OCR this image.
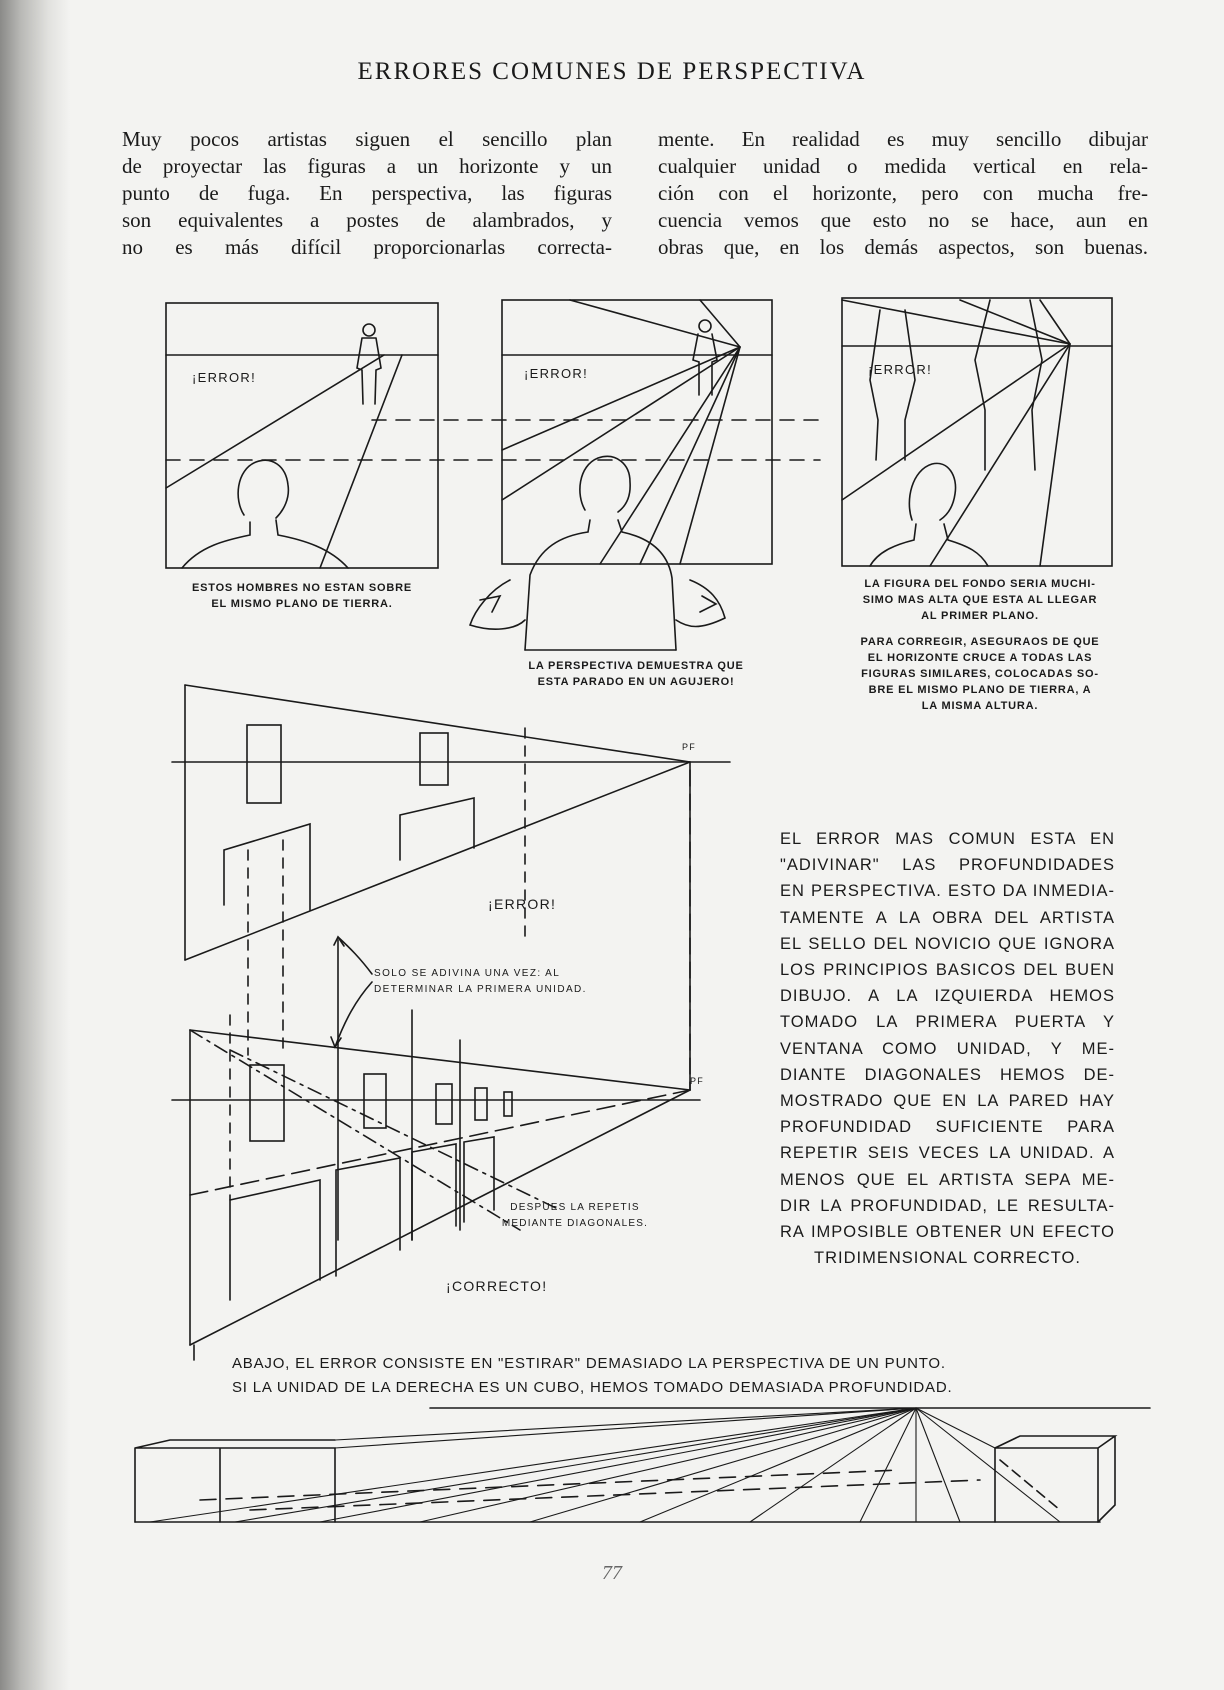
ERRORES COMUNES DE PERSPECTIVA
Muy pocos artistas siguen el sencillo plan
de proyectar las figuras a un horizonte y un
punto de fuga. En perspectiva, las figuras
son equivalentes a postes de alambrados, y
no es más difícil proporcionarlas correcta-
mente. En realidad es muy sencillo dibujar
cualquier unidad o medida vertical en rela-
ción con el horizonte, pero con mucha fre-
cuencia vemos que esto no se hace, aun en
obras que, en los demás aspectos, son buenas.
¡ERROR!	¡ERROR!	¡ERROR!
ESTOS HOMBRES NO ESTAN SOBRE
EL MISMO PLANO DE TIERRA.
LA PERSPECTIVA DEMUESTRA QUE
ESTA PARADO EN UN AGUJERO!
LA FIGURA DEL FONDO SERIA MUCHI-
SIMO MAS ALTA QUE ESTA AL LLEGAR
AL PRIMER PLANO.
PARA CORREGIR, ASEGURAOS DE QUE
EL HORIZONTE CRUCE A TODAS LAS
FIGURAS SIMILARES, COLOCADAS SO-
BRE EL MISMO PLANO DE TIERRA, A
LA MISMA ALTURA.
PF
PF
¡ERROR!
SOLO SE ADIVINA UNA VEZ: AL
DETERMINAR LA PRIMERA UNIDAD.
DESPUES LA REPETIS
MEDIANTE DIAGONALES.
¡CORRECTO!
EL ERROR MAS COMUN ESTA EN
"ADIVINAR" LAS PROFUNDIDADES
EN PERSPECTIVA. ESTO DA INMEDIA-
TAMENTE A LA OBRA DEL ARTISTA
EL SELLO DEL NOVICIO QUE IGNORA
LOS PRINCIPIOS BASICOS DEL BUEN
DIBUJO. A LA IZQUIERDA HEMOS
TOMADO LA PRIMERA PUERTA Y
VENTANA COMO UNIDAD, Y ME-
DIANTE DIAGONALES HEMOS DE-
MOSTRADO QUE EN LA PARED HAY
PROFUNDIDAD SUFICIENTE PARA
REPETIR SEIS VECES LA UNIDAD. A
MENOS QUE EL ARTISTA SEPA ME-
DIR LA PROFUNDIDAD, LE RESULTA-
RA IMPOSIBLE OBTENER UN EFECTO
TRIDIMENSIONAL CORRECTO.
ABAJO, EL ERROR CONSISTE EN "ESTIRAR" DEMASIADO LA PERSPECTIVA DE UN PUNTO.
SI LA UNIDAD DE LA DERECHA ES UN CUBO, HEMOS TOMADO DEMASIADA PROFUNDIDAD.
77
